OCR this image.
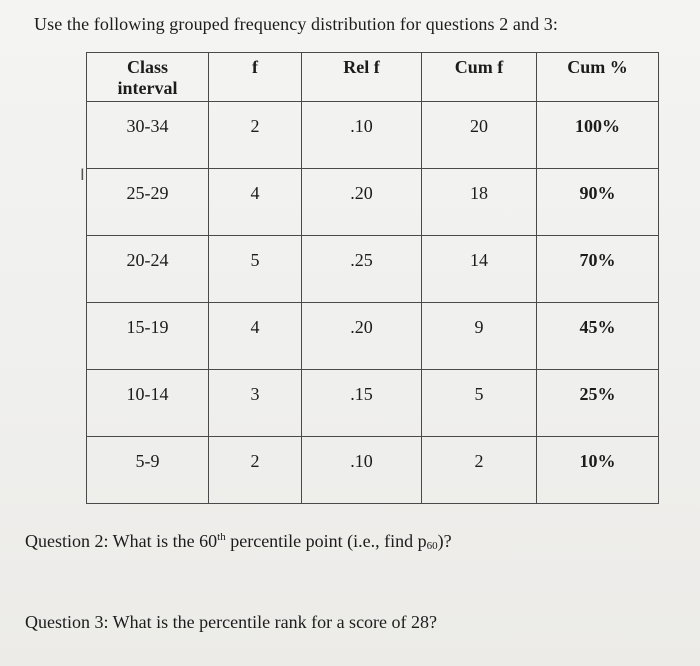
Use the following grouped frequency distribution for questions 2 and 3:
I
Class
interval	f	Rel f	Cum f	Cum %
30-34	2	.10	20	100%
25-29	4	.20	18	90%
20-24	5	.25	14	70%
15-19	4	.20	9	45%
10-14	3	.15	5	25%
5-9	2	.10	2	10%
Question 2: What is the 60th percentile point (i.e., find p60)?
Question 3: What is the percentile rank for a score of 28?
